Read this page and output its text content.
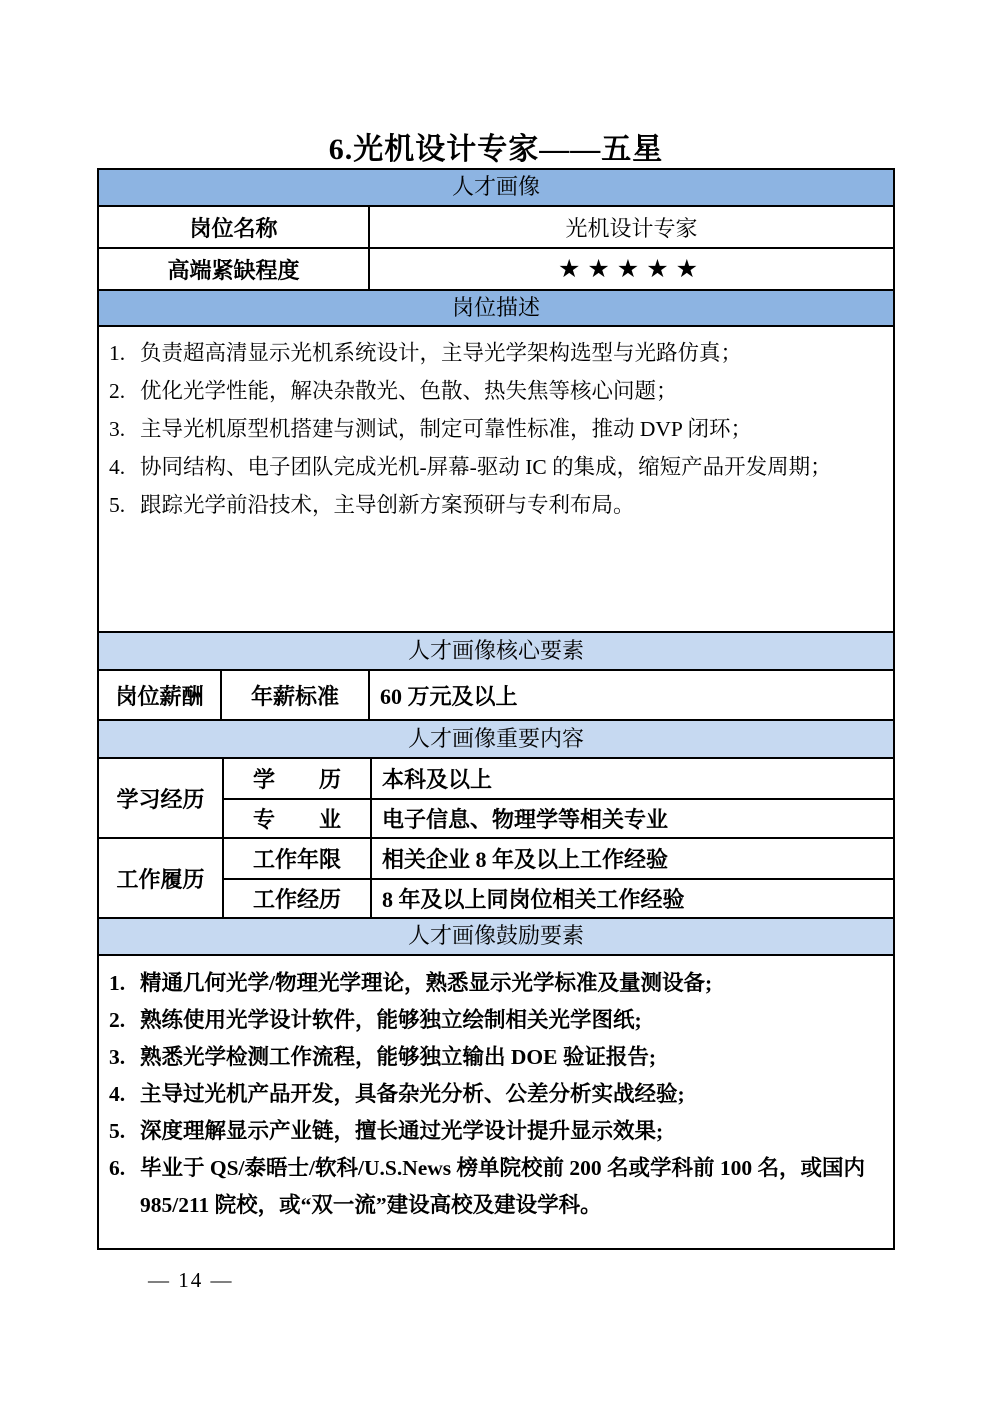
6.光机设计专家——五星
人才画像
岗位名称	光机设计专家
高端紧缺程度	★★★★★
岗位描述
1. 负责超高清显示光机系统设计，主导光学架构选型与光路仿真；
2. 优化光学性能，解决杂散光、色散、热失焦等核心问题；
3. 主导光机原型机搭建与测试，制定可靠性标准，推动 DVP 闭环；
4. 协同结构、电子团队完成光机-屏幕-驱动 IC 的集成，缩短产品开发周期；
5. 跟踪光学前沿技术，主导创新方案预研与专利布局。
人才画像核心要素
岗位薪酬	年薪标准	60 万元及以上
人才画像重要内容
学习经历
学　　历	本科及以上
专　　业	电子信息、物理学等相关专业
工作履历
工作年限	相关企业 8 年及以上工作经验
工作经历	8 年及以上同岗位相关工作经验
人才画像鼓励要素
1. 精通几何光学/物理光学理论，熟悉显示光学标准及量测设备;
2. 熟练使用光学设计软件，能够独立绘制相关光学图纸;
3. 熟悉光学检测工作流程，能够独立输出 DOE 验证报告;
4. 主导过光机产品开发，具备杂光分析、公差分析实战经验;
5. 深度理解显示产业链，擅长通过光学设计提升显示效果;
6. 毕业于 QS/泰晤士/软科/U.S.News 榜单院校前 200 名或学科前 100 名，或国内 985/211 院校，或“双一流”建设高校及建设学科。
— 14 —
